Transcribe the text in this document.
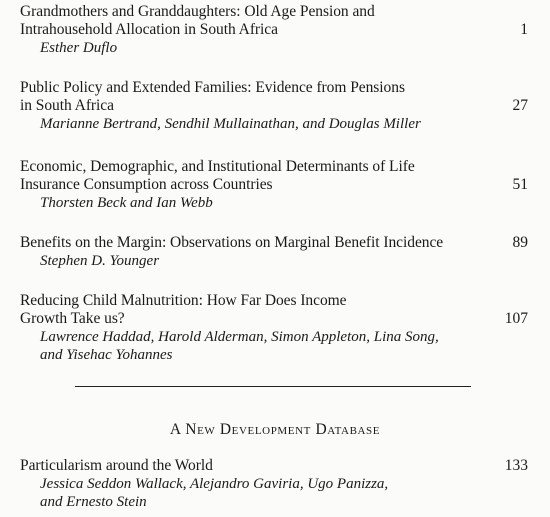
Grandmothers and Granddaughters: Old Age Pension and
Intrahousehold Allocation in South Africa
Esther Duflo
1
Public Policy and Extended Families: Evidence from Pensions
in South Africa
Marianne Bertrand, Sendhil Mullainathan, and Douglas Miller
27
Economic, Demographic, and Institutional Determinants of Life
Insurance Consumption across Countries
Thorsten Beck and Ian Webb
51
Benefits on the Margin: Observations on Marginal Benefit Incidence
Stephen D. Younger
89
Reducing Child Malnutrition: How Far Does Income
Growth Take us?
Lawrence Haddad, Harold Alderman, Simon Appleton, Lina Song,
and Yisehac Yohannes
107
A New Development Database
Particularism around the World
Jessica Seddon Wallack, Alejandro Gaviria, Ugo Panizza,
and Ernesto Stein
133
